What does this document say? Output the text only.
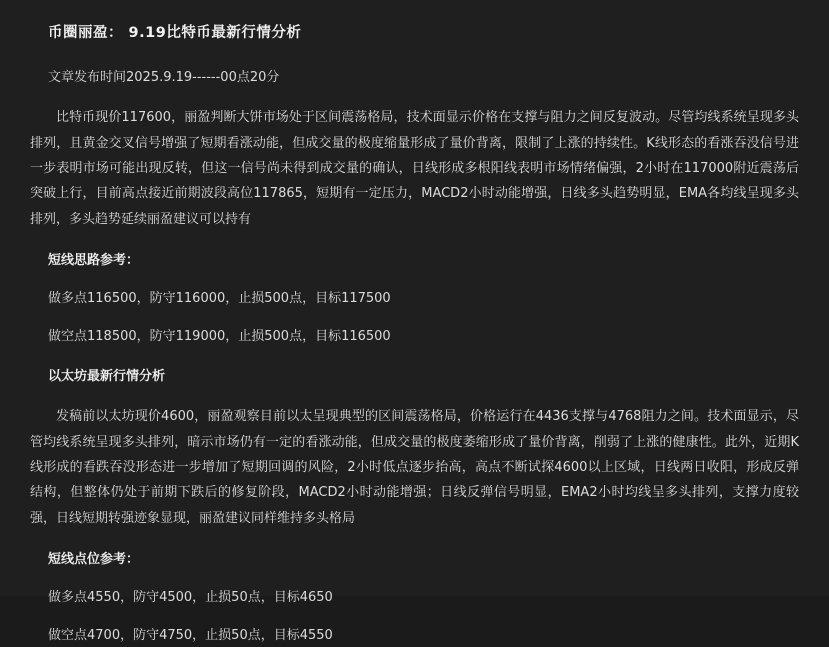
币圈丽盈： 9.19比特币最新行情分析
文章发布时间2025.9.19------00点20分
比特币现价117600，丽盈判断大饼市场处于区间震荡格局，技术面显示价格在支撑与阻力之间反复波动。尽管均线系统呈现多头排列，且黄金交叉信号增强了短期看涨动能，但成交量的极度缩量形成了量价背离，限制了上涨的持续性。K线形态的看涨吞没信号进一步表明市场可能出现反转，但这一信号尚未得到成交量的确认，日线形成多根阳线表明市场情绪偏强，2小时在117000附近震荡后突破上行，目前高点接近前期波段高位117865，短期有一定压力，MACD2小时动能增强，日线多头趋势明显，EMA各均线呈现多头排列，多头趋势延续丽盈建议可以持有
短线思路参考：
做多点116500，防守116000，止损500点，目标117500
做空点118500，防守119000，止损500点，目标116500
以太坊最新行情分析
发稿前以太坊现价4600，丽盈观察目前以太呈现典型的区间震荡格局，价格运行在4436支撑与4768阻力之间。技术面显示，尽管均线系统呈现多头排列，暗示市场仍有一定的看涨动能，但成交量的极度萎缩形成了量价背离，削弱了上涨的健康性。此外，近期K线形成的看跌吞没形态进一步增加了短期回调的风险，2小时低点逐步抬高，高点不断试探4600以上区域，日线两日收阳，形成反弹结构，但整体仍处于前期下跌后的修复阶段，MACD2小时动能增强；日线反弹信号明显，EMA2小时均线呈多头排列，支撑力度较强，日线短期转强迹象显现，丽盈建议同样维持多头格局
短线点位参考：
做多点4550，防守4500，止损50点，目标4650
做空点4700，防守4750，止损50点，目标4550
